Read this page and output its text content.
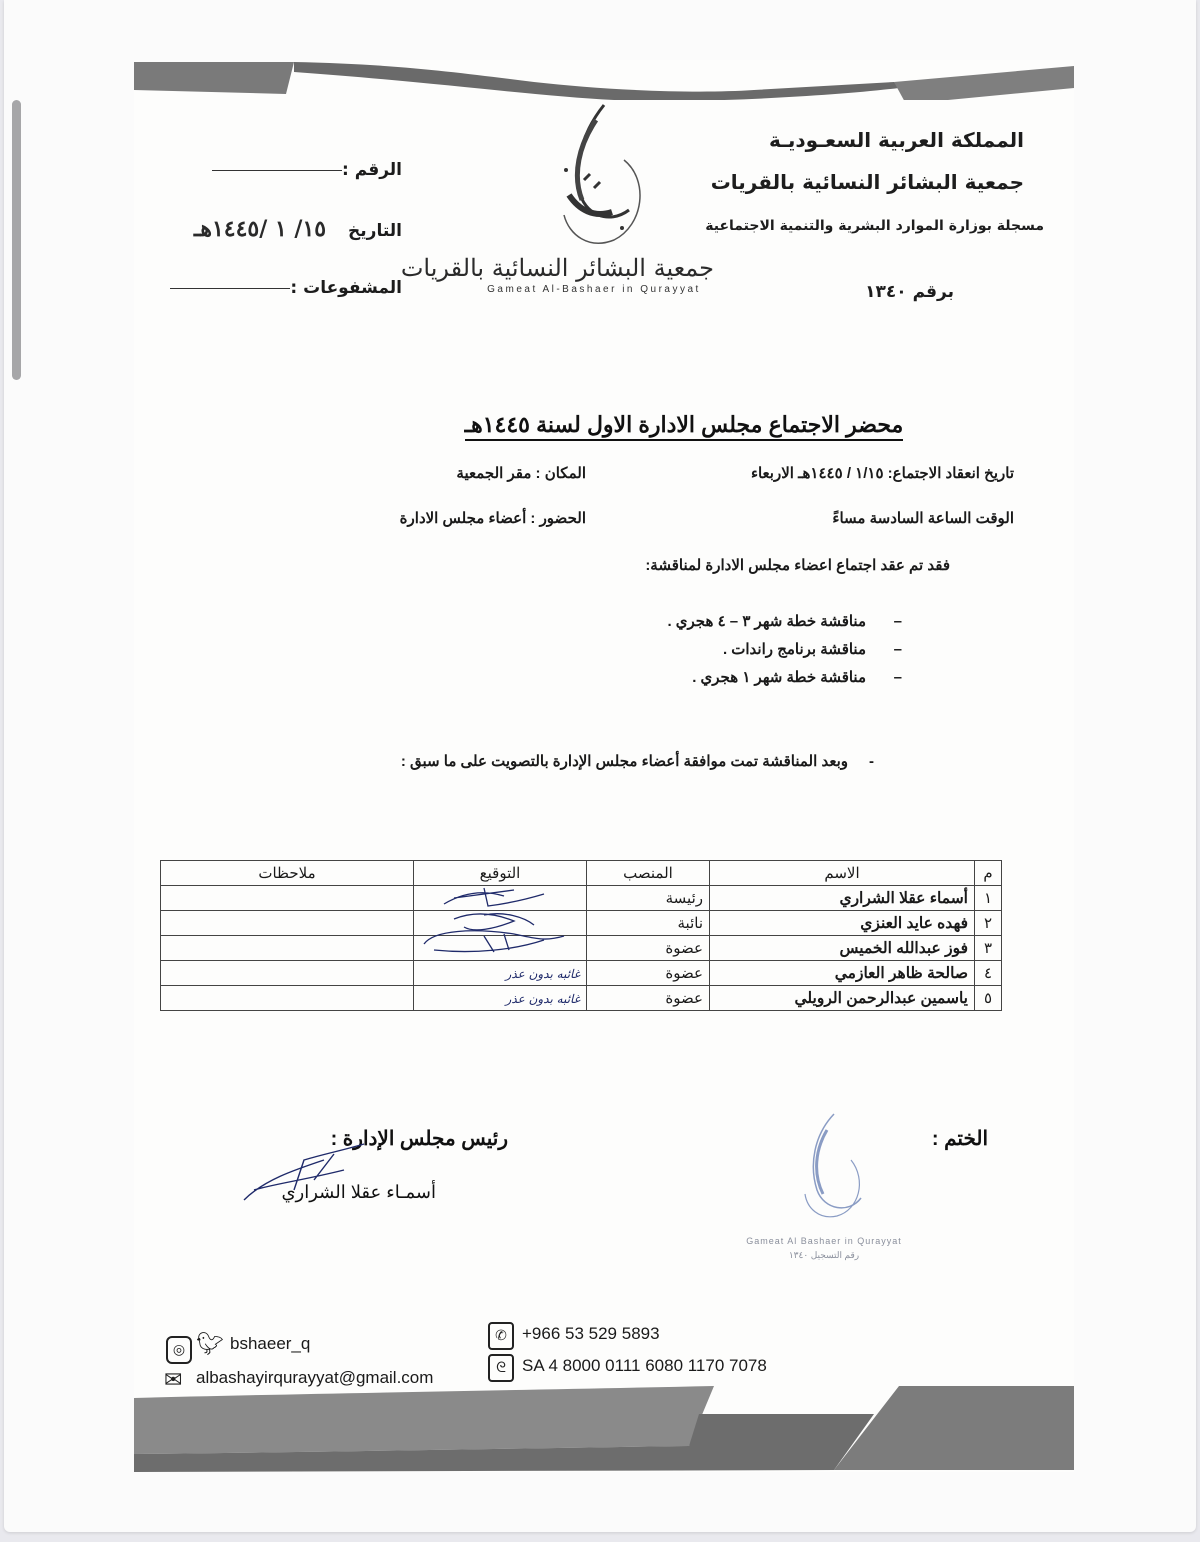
المملكة العربية السعـوديـة
جمعية البشائر النسائية بالقريات
مسجلة بوزارة الموارد البشرية والتنمية الاجتماعية
برقم ١٣٤٠
جمعية البشائر النسائية بالقريات
Gameat Al-Bashaer in Qurayyat
الرقم :
التاريخ ١٥/ ١ /١٤٤٥هـ
المشفوعات :
محضر الاجتماع مجلس الادارة الاول لسنة ١٤٤٥هـ
تاريخ انعقاد الاجتماع: ١/١٥ / ١٤٤٥هـ الاربعاء
المكان : مقر الجمعية
الوقت الساعة السادسة مساءً
الحضور : أعضاء مجلس الادارة
فقد تم عقد اجتماع اعضاء مجلس الادارة لمناقشة:
–مناقشة خطة شهر ٣ – ٤ هجري .
–مناقشة برنامج راندات .
–مناقشة خطة شهر ١ هجري .
-وبعد المناقشة تمت موافقة أعضاء مجلس الإدارة بالتصويت على ما سبق :
م	الاسم	المنصب	التوقيع	ملاحظات
١	أسماء عقلا الشراري	رئيسة	

٢	فهده عايد العنزي	نائبة	

٣	فوز عبدالله الخميس	عضوة	

٤	صالحة ظاهر العازمي	عضوة	غائبه بدون عذر	
٥	ياسمين عبدالرحمن الرويلي	عضوة	غائبه بدون عذر	
الختم :
Gameat Al Bashaer in Qurayyat
رقم التسجيل ١٣٤٠
رئيس مجلس الإدارة :
أسمـاء عقلا الشراري
◎ 🐦︎ bshaeer_q
✉ albashayirqurayyat@gmail.com
✆ +966 53 529 5893
ᘓ SA 4 8000 0111 6080 1170 7078
